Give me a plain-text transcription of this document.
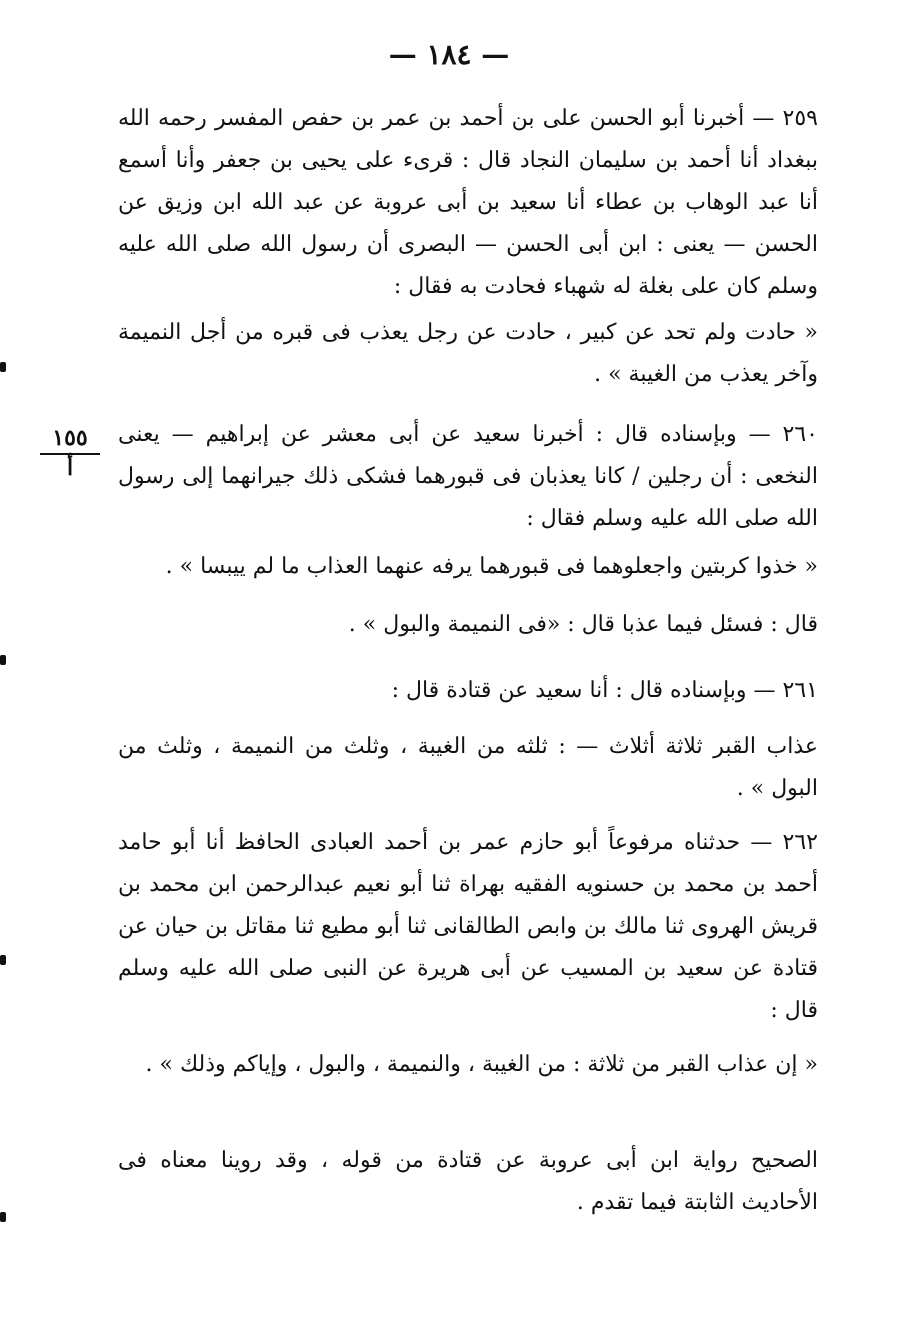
— ١٨٤ —

٢٥٩ — أخبرنا أبو الحسن على بن أحمد بن عمر بن حفص المفسر رحمه الله ببغداد أنا أحمد بن سليمان النجاد قال : قرىء على يحيى بن جعفر وأنا أسمع أنا عبد الوهاب بن عطاء أنا سعيد بن أبى عروبة عن عبد الله ابن وزيق عن الحسن — يعنى : ابن أبى الحسن — البصرى أن رسول الله صلى الله عليه وسلم كان على بغلة له شهباء فحادت به فقال :

« حادت ولم تحد عن كبير ، حادت عن رجل يعذب فى قبره من أجل النميمة وآخر يعذب من الغيبة » .

٢٦٠ — وبإسناده قال : أخبرنا سعيد عن أبى معشر عن إبراهيم — يعنى النخعى : أن رجلين / كانا يعذبان فى قبورهما فشكى ذلك جيرانهما إلى رسول الله صلى الله عليه وسلم فقال :

« خذوا كربتين واجعلوهما فى قبورهما يرفه عنهما العذاب ما لم ييبسا » .

قال : فسئل فيما عذبا قال : «فى النميمة والبول » .

٢٦١ — وبإسناده قال : أنا سعيد عن قتادة قال :

عذاب القبر ثلاثة أثلاث — : ثلثه من الغيبة ، وثلث من النميمة ، وثلث من البول » .

٢٦٢ — حدثناه مرفوعاً أبو حازم عمر بن أحمد العبادى الحافظ أنا أبو حامد أحمد بن محمد بن حسنويه الفقيه بهراة ثنا أبو نعيم عبدالرحمن ابن محمد بن قريش الهروى ثنا مالك بن وابص الطالقانى ثنا أبو مطيع ثنا مقاتل بن حيان عن قتادة عن سعيد بن المسيب عن أبى هريرة عن النبى صلى الله عليه وسلم قال :

« إن عذاب القبر من ثلاثة : من الغيبة ، والنميمة ، والبول ، وإياكم وذلك » .

الصحيح رواية ابن أبى عروبة عن قتادة من قوله ، وقد روينا معناه فى الأحاديث الثابتة فيما تقدم .

١٥٥
أ
